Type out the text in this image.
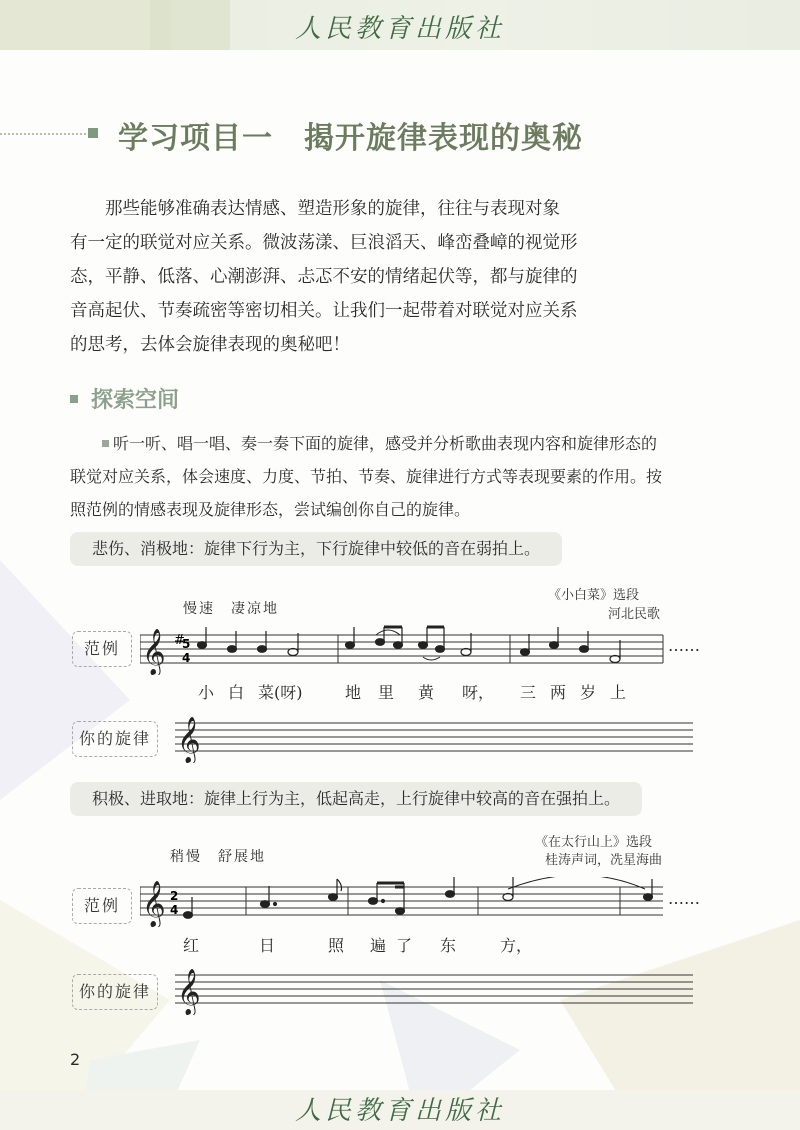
人民教育出版社
学习项目一　揭开旋律表现的奥秘

那些能够准确表达情感、塑造形象的旋律，往往与表现对象

有一定的联觉对应关系。微波荡漾、巨浪滔天、峰峦叠嶂的视觉形

态，平静、低落、心潮澎湃、忐忑不安的情绪起伏等，都与旋律的

音高起伏、节奏疏密等密切相关。让我们一起带着对联觉对应关系

的思考，去体会旋律表现的奥秘吧！

探索空间
听一听、唱一唱、奏一奏下面的旋律，感受并分析歌曲表现内容和旋律形态的联觉对应关系，体会速度、力度、节拍、节奏、旋律进行方式等表现要素的作用。按照范例的情感表现及旋律形态，尝试编创你自己的旋律。
悲伤、消极地：旋律下行为主，下行旋律中较低的音在弱拍上。
《小白菜》选段
河北民歌
慢速　凄凉地
范例 𝄞 #
5
4
……
小 白 菜(呀)	地 里 黄 呀， 三 两 岁 上
你的旋律 𝄞
积极、进取地：旋律上行为主，低起高走，上行旋律中较高的音在强拍上。
《在太行山上》选段
桂涛声词，冼星海曲
稍慢　舒展地
范例 𝄞 2
4
……
红	日	照 遍 了 东	方，
你的旋律 𝄞
2
人民教育出版社
